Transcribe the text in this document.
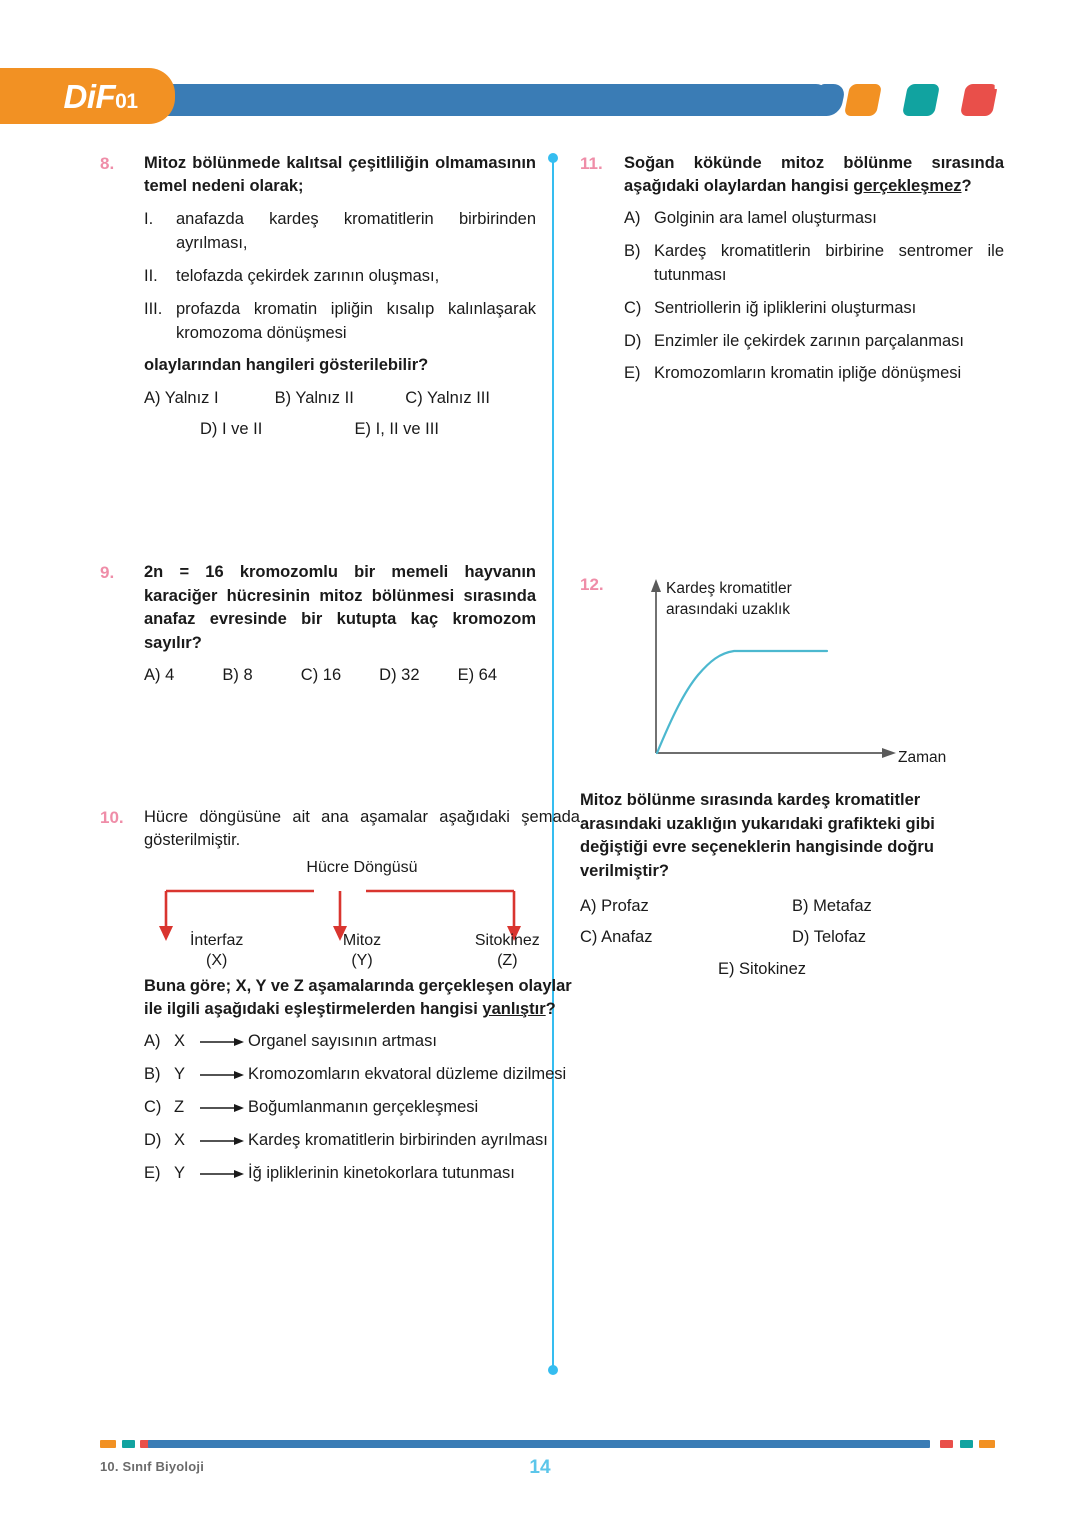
DiF01
Test – 2
8.	Mitoz bölünmede kalıtsal çeşitliliğin olmamasının temel nedeni olarak;
I.	anafazda kardeş kromatitlerin birbirinden ayrılması,
II.	telofazda çekirdek zarının oluşması,
III. profazda kromatin ipliğin kısalıp kalınlaşarak kromozoma dönüşmesi
olaylarından hangileri gösterilebilir?
A) Yalnız I	B) Yalnız II	C) Yalnız III
D) I ve II	E) I, II ve III
9.	2n = 16 kromozomlu bir memeli hayvanın karaciğer hücresinin mitoz bölünmesi sırasında anafaz evresinde bir kutupta kaç kromozom sayılır?
A) 4	B) 8	C) 16	D) 32	E) 64
10.	Hücre döngüsüne ait ana aşamalar aşağıdaki şemada gösterilmiştir.
Hücre Döngüsü
İnterfaz
(X)
Mitoz
(Y)
Sitokinez
(Z)
Buna göre; X, Y ve Z aşamalarında gerçekleşen olaylar ile ilgili aşağıdaki eşleştirmelerden hangisi yanlıştır?
A) X	Organel sayısının artması
B) Y	Kromozomların ekvatoral düzleme dizilmesi
C) Z	Boğumlanmanın gerçekleşmesi
D) X	Kardeş kromatitlerin birbirinden ayrılması
E) Y	İğ ipliklerinin kinetokorlara tutunması
11.	Soğan kökünde mitoz bölünme sırasında aşağıdaki olaylardan hangisi gerçekleşmez?
A) Golginin ara lamel oluşturması
B) Kardeş kromatitlerin birbirine sentromer ile tutunması
C) Sentriollerin iğ ipliklerini oluşturması
D) Enzimler ile çekirdek zarının parçalanması
E) Kromozomların kromatin ipliğe dönüşmesi
12.	Kardeş kromatitler
arasındaki uzaklık
Zaman
Mitoz bölünme sırasında kardeş kromatitler arasındaki uzaklığın yukarıdaki grafikteki gibi değiştiği evre seçeneklerin hangisinde doğru verilmiştir?
A) Profaz	B) Metafaz
C) Anafaz	D) Telofaz
E) Sitokinez
10. Sınıf Biyoloji	14
